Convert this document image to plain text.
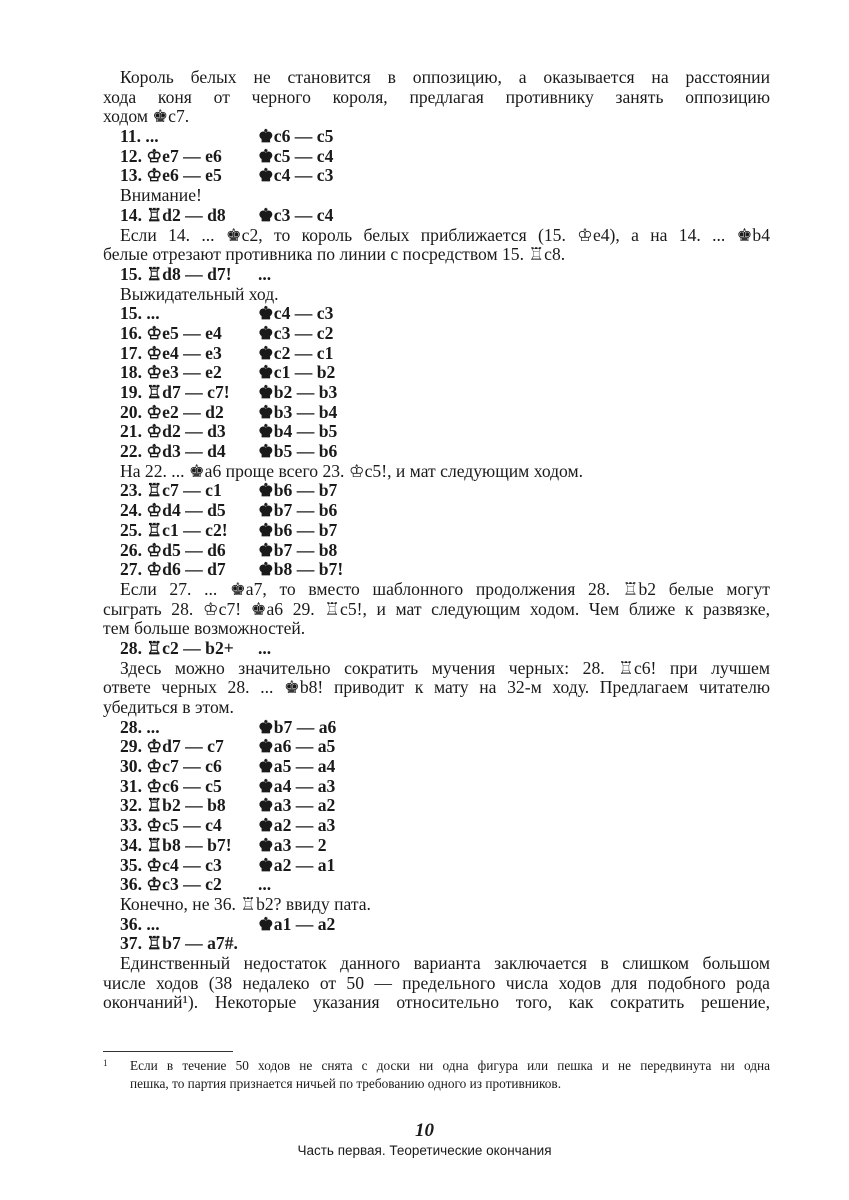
Король белых не становится в оппозицию, а оказывается на расстоянии
хода коня от черного короля, предлагая противнику занять оппозицию
ходом ♚c7.
11. ...	♚c6 — c5
12. ♔e7 — e6	♚c5 — c4
13. ♔e6 — e5	♚c4 — c3
Внимание!
14. ♖d2 — d8	♚c3 — c4
Если 14. ... ♚c2, то король белых приближается (15. ♔e4), а на 14. ... ♚b4
белые отрезают противника по линии c посредством 15. ♖c8.
15. ♖d8 — d7!	...
Выжидательный ход.
15. ...	♚c4 — c3
16. ♔e5 — e4	♚c3 — c2
17. ♔e4 — e3	♚c2 — c1
18. ♔e3 — e2	♚c1 — b2
19. ♖d7 — c7!	♚b2 — b3
20. ♔e2 — d2	♚b3 — b4
21. ♔d2 — d3	♚b4 — b5
22. ♔d3 — d4	♚b5 — b6
На 22. ... ♚a6 проще всего 23. ♔c5!, и мат следующим ходом.
23. ♖c7 — c1	♚b6 — b7
24. ♔d4 — d5	♚b7 — b6
25. ♖c1 — c2!	♚b6 — b7
26. ♔d5 — d6	♚b7 — b8
27. ♔d6 — d7	♚b8 — b7!
Если 27. ... ♚a7, то вместо шаблонного продолжения 28. ♖b2 белые могут
сыграть 28. ♔c7! ♚a6 29. ♖c5!, и мат следующим ходом. Чем ближе к развязке,
тем больше возможностей.
28. ♖c2 — b2+	...
Здесь можно значительно сократить мучения черных: 28. ♖c6! при лучшем
ответе черных 28. ... ♚b8! приводит к мату на 32-м ходу. Предлагаем читателю
убедиться в этом.
28. ...	♚b7 — a6
29. ♔d7 — c7	♚a6 — a5
30. ♔c7 — c6	♚a5 — a4
31. ♔c6 — c5	♚a4 — a3
32. ♖b2 — b8	♚a3 — a2
33. ♔c5 — c4	♚a2 — a3
34. ♖b8 — b7!	♚a3 — 2
35. ♔c4 — c3	♚a2 — a1
36. ♔c3 — c2	...
Конечно, не 36. ♖b2? ввиду пата.
36. ...	♚a1 — a2
37. ♖b7 — a7#.
Единственный недостаток данного варианта заключается в слишком большом
числе ходов (38 недалеко от 50 — предельного числа ходов для подобного рода
окончаний¹). Некоторые указания относительно того, как сократить решение,
1 Если в течение 50 ходов не снята с доски ни одна фигура или пешка и не передвинута ни одна
пешка, то партия признается ничьей по требованию одного из противников.
10
Часть первая. Теоретические окончания
